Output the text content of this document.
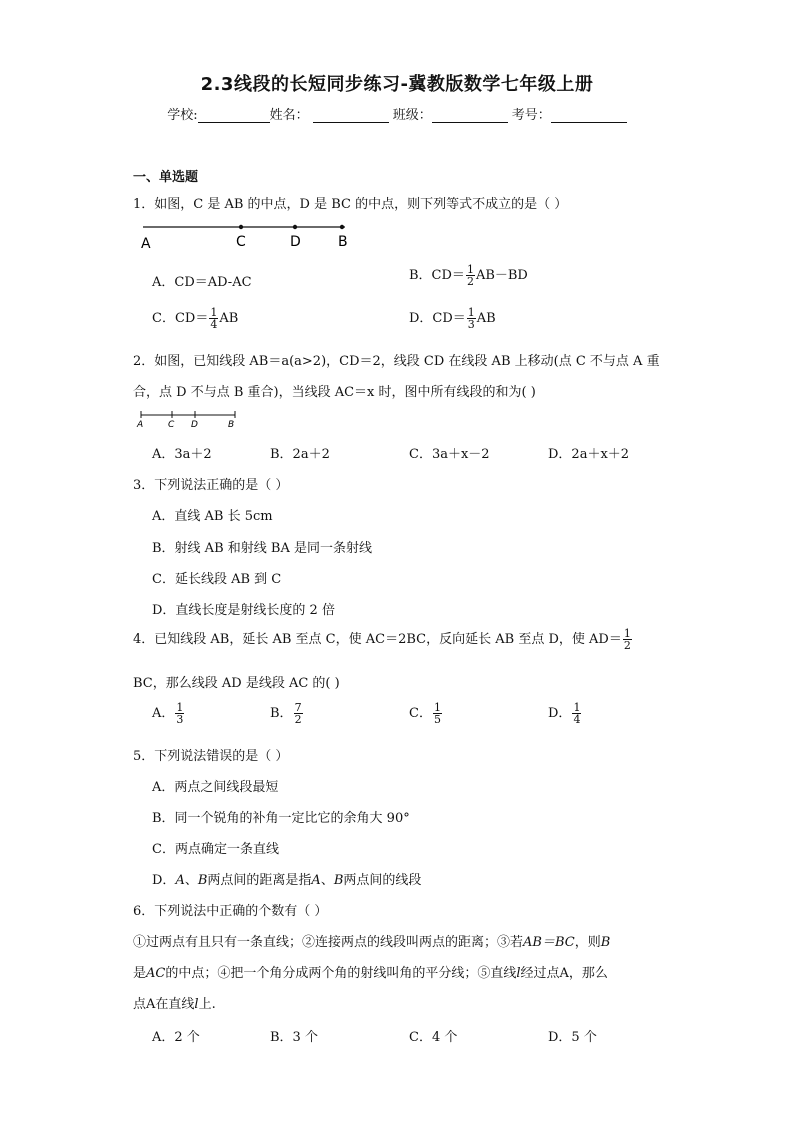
2.3线段的长短同步练习-冀教版数学七年级上册
学校:	姓名：	班级：	考号：
一、单选题
1．如图，C 是 AB 的中点，D 是 BC 的中点，则下列等式不成立的是（ ）
A	C	D	B
A．CD＝AD-AC	B．$CD= \frac{1}{2} AB-BD$
C．$CD= \frac{1}{4}$ AB	D．$CD= \frac{1}{3}$ AB
2．如图，已知线段 AB＝a(a>2)，CD＝2，线段 CD 在线段 AB 上移动(点 C 不与点 A 重
合，点 D 不与点 B 重合)，当线段 AC＝x 时，图中所有线段的和为( )
A	C D	B
A．3a＋2	B．2a＋2	C．3a＋x－2	D．2a＋x＋2
3．下列说法正确的是（ ）
A．直线 AB 长 5cm
B．射线 AB 和射线 BA 是同一条射线
C．延长线段 AB 到 C
D．直线长度是射线长度的 2 倍
4．已知线段 AB，延长 AB 至点 C，使 AC＝2BC，反向延长 AB 至点 D，使 $AD= \frac{1}{2}$
BC，那么线段 AD 是线段 AC 的( )
A． $\frac{1}{3}$	B． $\frac{7}{2}$	C． $\frac{1}{5}$	D． $\frac{1}{4}$
5．下列说法错误的是（ ）
A．两点之间线段最短
B．同一个锐角的补角一定比它的余角大 90°
C．两点确定一条直线
D．A、B两点间的距离是指A、B两点间的线段
6．下列说法中正确的个数有（ ）
①过两点有且只有一条直线；②连接两点的线段叫两点的距离；③若AB＝BC，则B
是AC的中点；④把一个角分成两个角的射线叫角的平分线；⑤直线l经过点A，那么
点A在直线l上.
A．2 个	B．3 个	C．4 个	D．5 个
